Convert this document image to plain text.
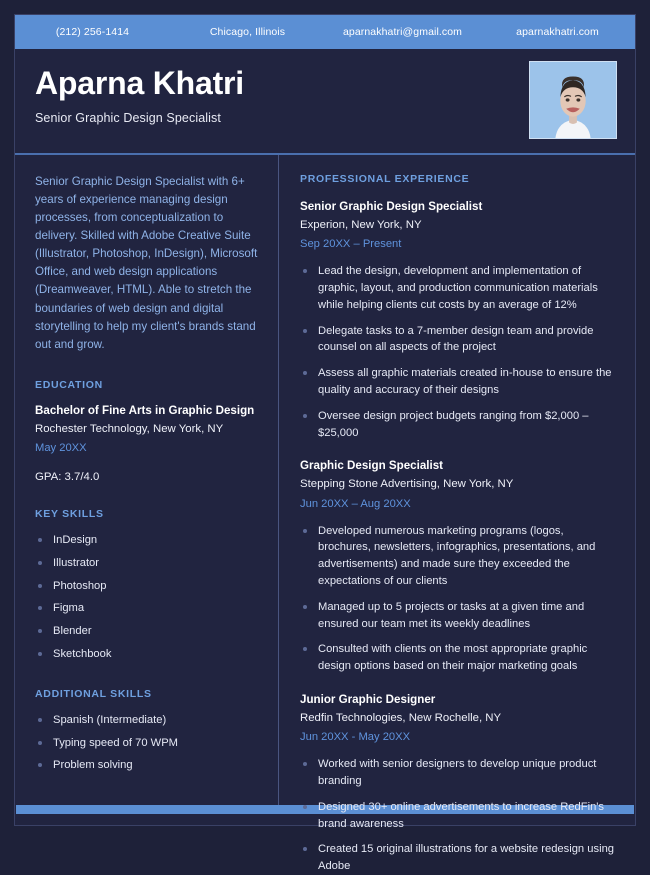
(212) 256-1414	Chicago, Illinois	aparnakhatri@gmail.com	aparnakhatri.com
Aparna Khatri
Senior Graphic Design Specialist
Senior Graphic Design Specialist with 6+ years of experience managing design processes, from conceptualization to delivery. Skilled with Adobe Creative Suite (Illustrator, Photoshop, InDesign), Microsoft Office, and web design applications (Dreamweaver, HTML). Able to stretch the boundaries of web design and digital storytelling to help my client's brands stand out and grow.
EDUCATION
Bachelor of Fine Arts in Graphic Design
Rochester Technology, New York, NY
May 20XX
GPA: 3.7/4.0
KEY SKILLS
InDesign
Illustrator
Photoshop
Figma
Blender
Sketchbook
ADDITIONAL SKILLS
Spanish (Intermediate)
Typing speed of 70 WPM
Problem solving
PROFESSIONAL EXPERIENCE
Senior Graphic Design Specialist
Experion, New York, NY
Sep 20XX – Present
Lead the design, development and implementation of graphic, layout, and production communication materials while helping clients cut costs by an average of 12%
Delegate tasks to a 7-member design team and provide counsel on all aspects of the project
Assess all graphic materials created in-house to ensure the quality and accuracy of their designs
Oversee design project budgets ranging from $2,000 – $25,000
Graphic Design Specialist
Stepping Stone Advertising, New York, NY
Jun 20XX – Aug 20XX
Developed numerous marketing programs (logos, brochures, newsletters, infographics, presentations, and advertisements) and made sure they exceeded the expectations of our clients
Managed up to 5 projects or tasks at a given time and ensured our team met its weekly deadlines
Consulted with clients on the most appropriate graphic design options based on their major marketing goals
Junior Graphic Designer
Redfin Technologies, New Rochelle, NY
Jun 20XX - May 20XX
Worked with senior designers to develop unique product branding
Designed 30+ online advertisements to increase RedFin's brand awareness
Created 15 original illustrations for a website redesign using Adobe
